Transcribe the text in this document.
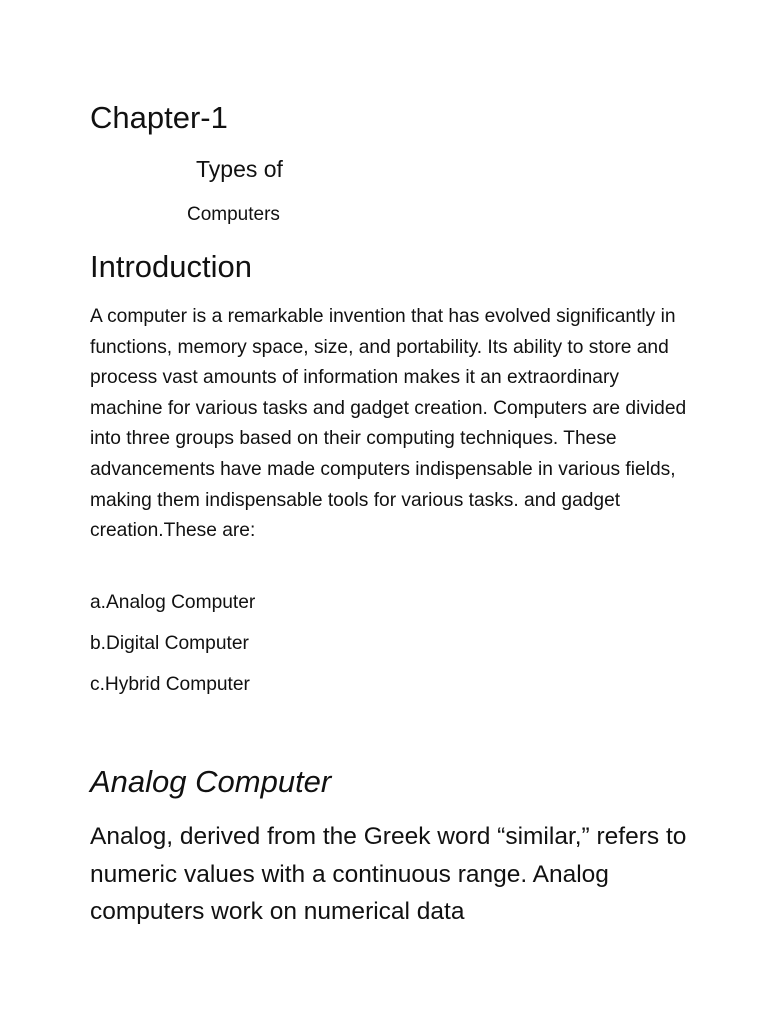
Chapter-1
Types of
Computers
Introduction

A computer is a remarkable invention that has evolved significantly in functions, memory space, size, and portability. Its ability to store and process vast amounts of information makes it an extraordinary machine for various tasks and gadget creation. Computers are divided into three groups based on their computing techniques. These advancements have made computers indispensable in various fields, making them indispensable tools for various tasks. and gadget creation.These are:

a.Analog Computer
b.Digital Computer
c.Hybrid Computer
Analog Computer

Analog, derived from the Greek word “similar,” refers to numeric values with a continuous range. Analog computers work on numerical data
